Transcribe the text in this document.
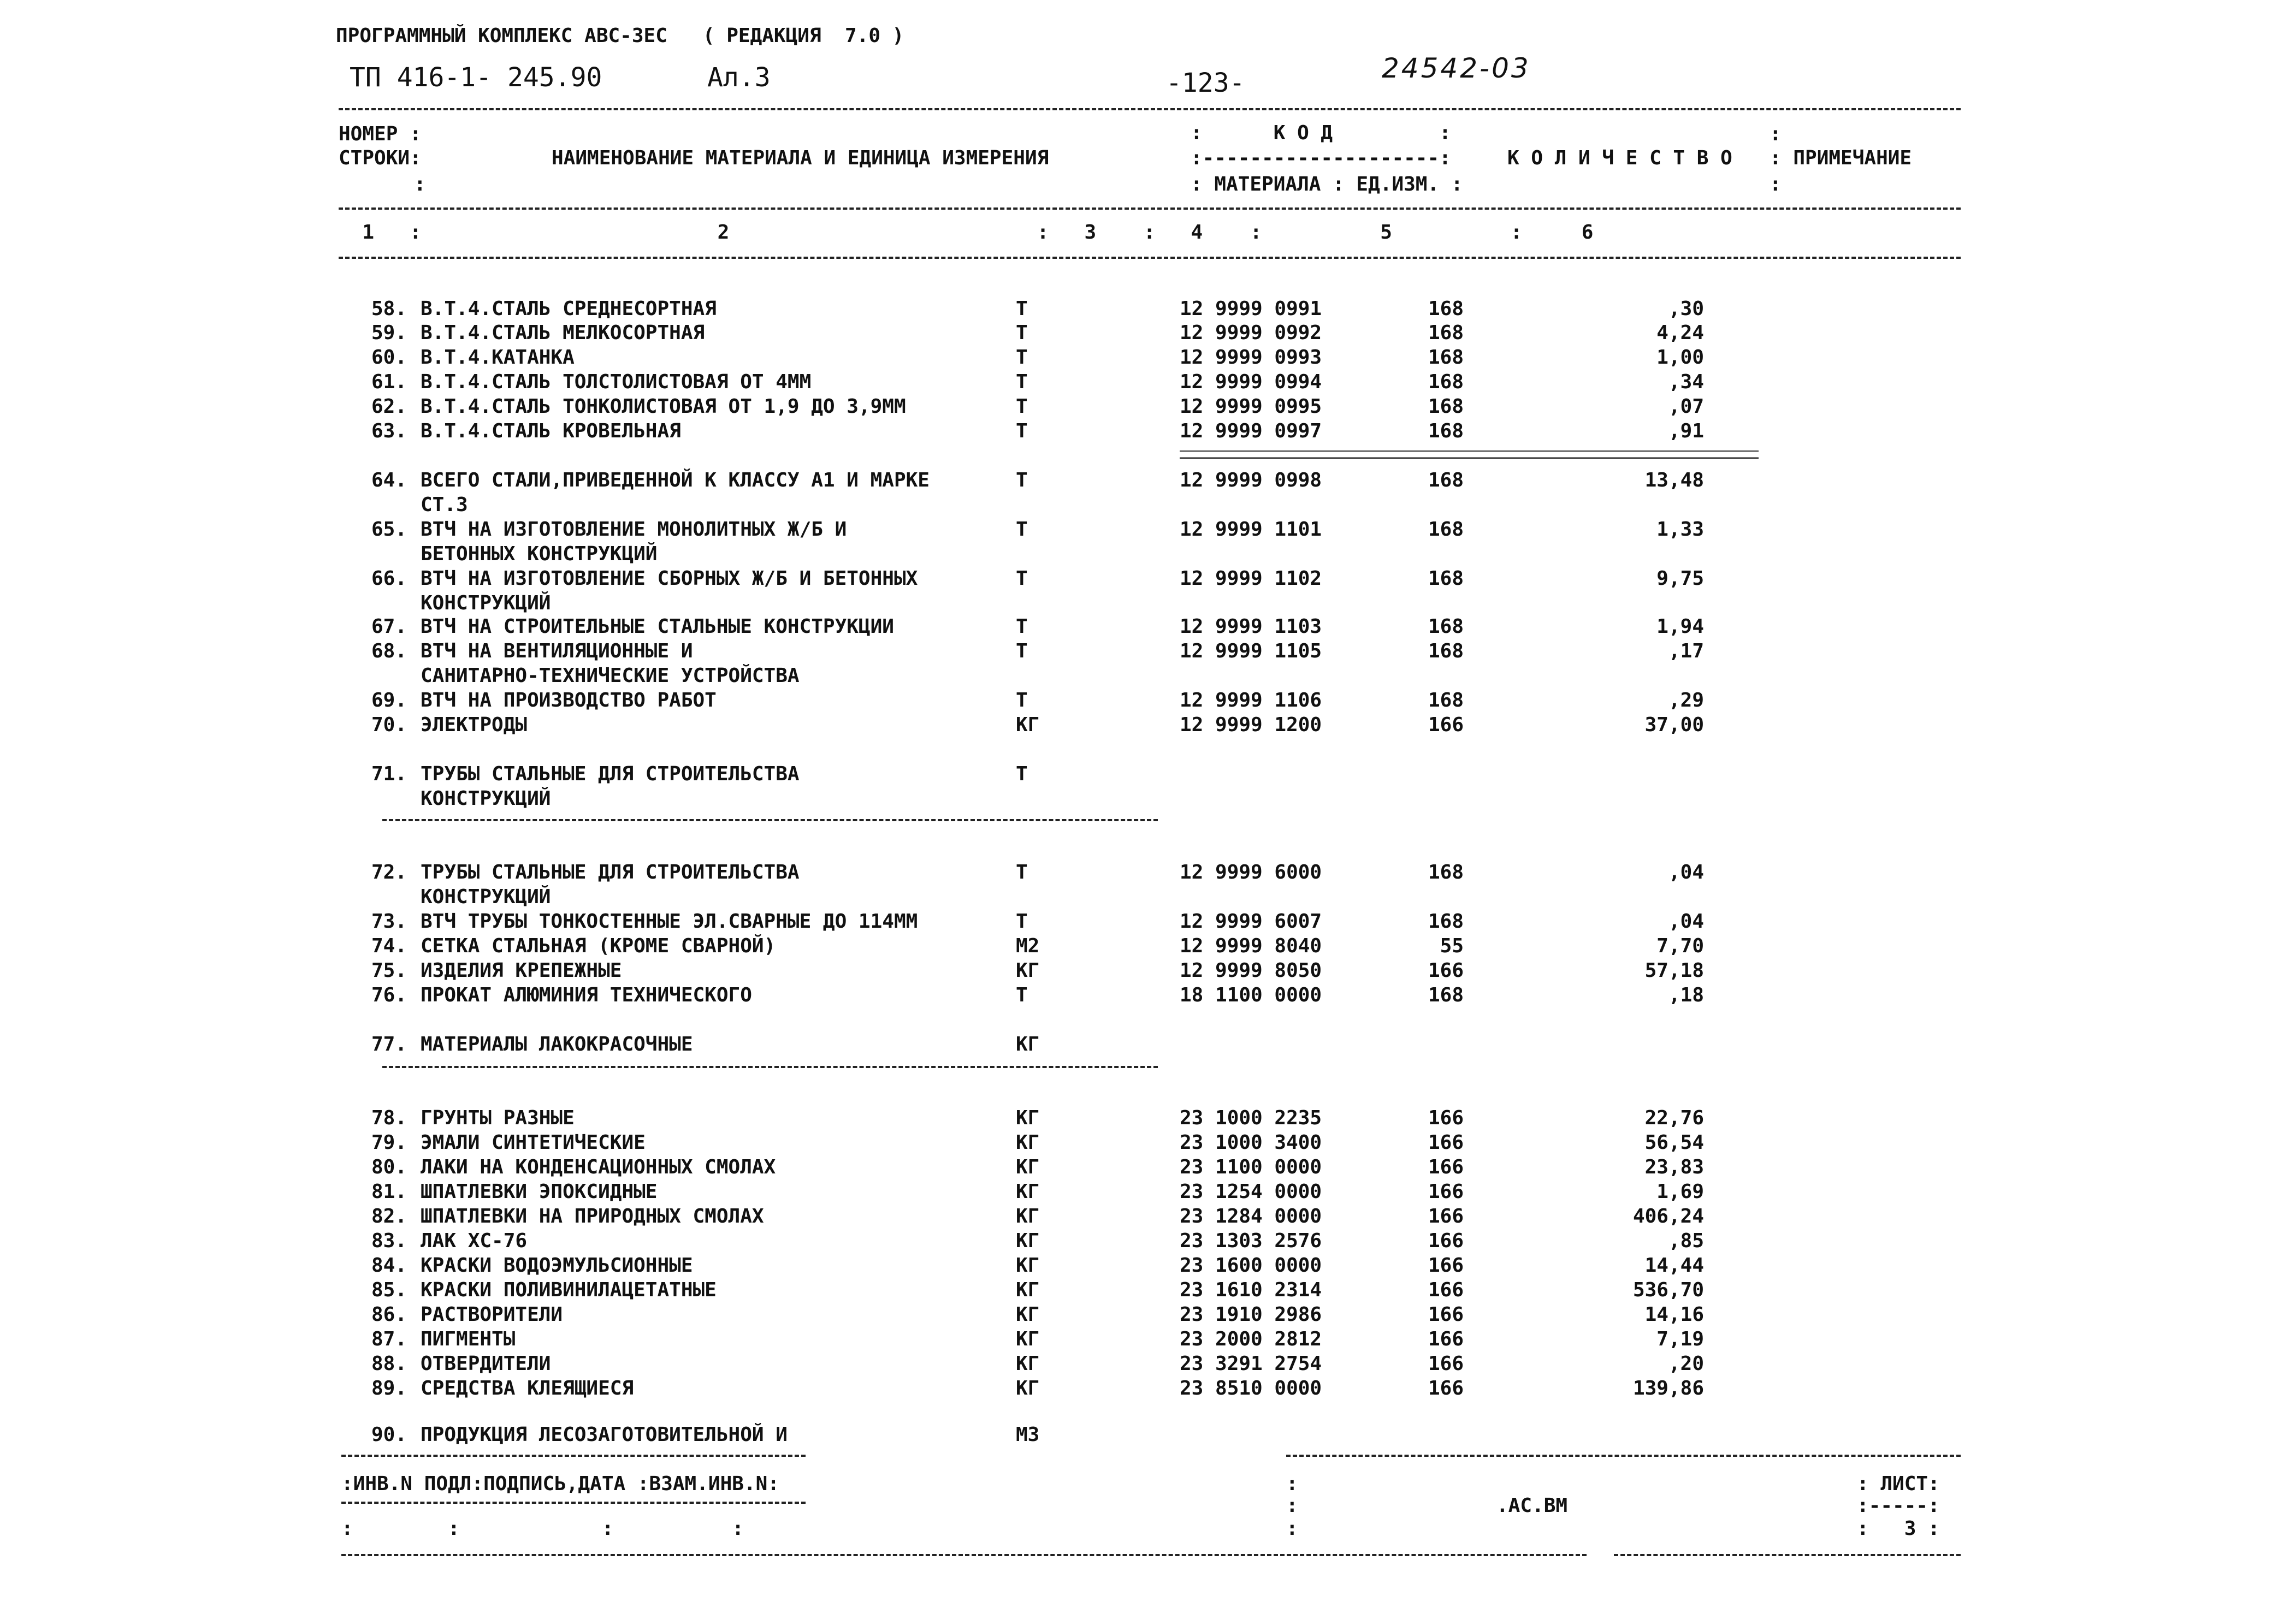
ПРОГРАММНЫЙ КОМПЛЕКС АВС-ЗЕС   ( РЕДАКЦИЯ  7.0 )
ТП 416-1- 245.90	Ал.3	-123-	24542-03
НОМЕР :
СТРОКИ:
:
НАИМЕНОВАНИЕ МАТЕРИАЛА И ЕДИНИЦА ИЗМЕРЕНИЯ
:      К О Д         :
:--------------------:
: МАТЕРИАЛА : ЕД.ИЗМ. :
:
К О Л И Ч Е С Т В О
:
: ПРИМЕЧАНИЕ
1   :                         2                          :   3    :   4    :          5          :     6
58. В.Т.4.СТАЛЬ СРЕДНЕСОРТНАЯ	Т	12 9999 0991	168	,30
59. В.Т.4.СТАЛЬ МЕЛКОСОРТНАЯ	Т	12 9999 0992	168	4,24
60. В.Т.4.КАТАНКА	Т	12 9999 0993	168	1,00
61. В.Т.4.СТАЛЬ ТОЛСТОЛИСТОВАЯ ОТ 4ММ	Т	12 9999 0994	168	,34
62. В.Т.4.СТАЛЬ ТОНКОЛИСТОВАЯ ОТ 1,9 ДО 3,9ММ	Т	12 9999 0995	168	,07
63. В.Т.4.СТАЛЬ КРОВЕЛЬНАЯ	Т	12 9999 0997	168	,91
64. ВСЕГО СТАЛИ,ПРИВЕДЕННОЙ К КЛАССУ А1 И МАРКЕ
СТ.3
Т	12 9999 0998	168	13,48
65. ВТЧ НА ИЗГОТОВЛЕНИЕ МОНОЛИТНЫХ Ж/Б И
БЕТОННЫХ КОНСТРУКЦИЙ
Т	12 9999 1101	168	1,33
66. ВТЧ НА ИЗГОТОВЛЕНИЕ СБОРНЫХ Ж/Б И БЕТОННЫХ
КОНСТРУКЦИЙ
Т	12 9999 1102	168	9,75
67. ВТЧ НА СТРОИТЕЛЬНЫЕ СТАЛЬНЫЕ КОНСТРУКЦИИ	Т	12 9999 1103	168	1,94
68. ВТЧ НА ВЕНТИЛЯЦИОННЫЕ И
САНИТАРНО-ТЕХНИЧЕСКИЕ УСТРОЙСТВА
Т	12 9999 1105	168	,17
69. ВТЧ НА ПРОИЗВОДСТВО РАБОТ	Т	12 9999 1106	168	,29
70. ЭЛЕКТРОДЫ	КГ	12 9999 1200	166	37,00
71. ТРУБЫ СТАЛЬНЫЕ ДЛЯ СТРОИТЕЛЬСТВА
КОНСТРУКЦИЙ
Т
72. ТРУБЫ СТАЛЬНЫЕ ДЛЯ СТРОИТЕЛЬСТВА
КОНСТРУКЦИЙ
Т	12 9999 6000	168	,04
73. ВТЧ ТРУБЫ ТОНКОСТЕННЫЕ ЭЛ.СВАРНЫЕ ДО 114ММ	Т	12 9999 6007	168	,04
74. СЕТКА СТАЛЬНАЯ (КРОМЕ СВАРНОЙ)	М2	12 9999 8040	55	7,70
75. ИЗДЕЛИЯ КРЕПЕЖНЫЕ	КГ	12 9999 8050	166	57,18
76. ПРОКАТ АЛЮМИНИЯ ТЕХНИЧЕСКОГО	Т	18 1100 0000	168	,18
77. МАТЕРИАЛЫ ЛАКОКРАСОЧНЫЕ	КГ
78. ГРУНТЫ РАЗНЫЕ	КГ	23 1000 2235	166	22,76
79. ЭМАЛИ СИНТЕТИЧЕСКИЕ	КГ	23 1000 3400	166	56,54
80. ЛАКИ НА КОНДЕНСАЦИОННЫХ СМОЛАХ	КГ	23 1100 0000	166	23,83
81. ШПАТЛЕВКИ ЭПОКСИДНЫЕ	КГ	23 1254 0000	166	1,69
82. ШПАТЛЕВКИ НА ПРИРОДНЫХ СМОЛАХ	КГ	23 1284 0000	166	406,24
83. ЛАК ХС-76	КГ	23 1303 2576	166	,85
84. КРАСКИ ВОДОЭМУЛЬСИОННЫЕ	КГ	23 1600 0000	166	14,44
85. КРАСКИ ПОЛИВИНИЛАЦЕТАТНЫЕ	КГ	23 1610 2314	166	536,70
86. РАСТВОРИТЕЛИ	КГ	23 1910 2986	166	14,16
87. ПИГМЕНТЫ	КГ	23 2000 2812	166	7,19
88. ОТВЕРДИТЕЛИ	КГ	23 3291 2754	166	,20
89. СРЕДСТВА КЛЕЯЩИЕСЯ	КГ	23 8510 0000	166	139,86
90. ПРОДУКЦИЯ ЛЕСОЗАГОТОВИТЕЛЬНОЙ И	М3
:ИНВ.N ПОДЛ:ПОДПИСЬ,ДАТА :ВЗАМ.ИНВ.N:
:        :            :          :
:
:
:
.АС.ВМ
: ЛИСТ:
:-----:
:   3 :
